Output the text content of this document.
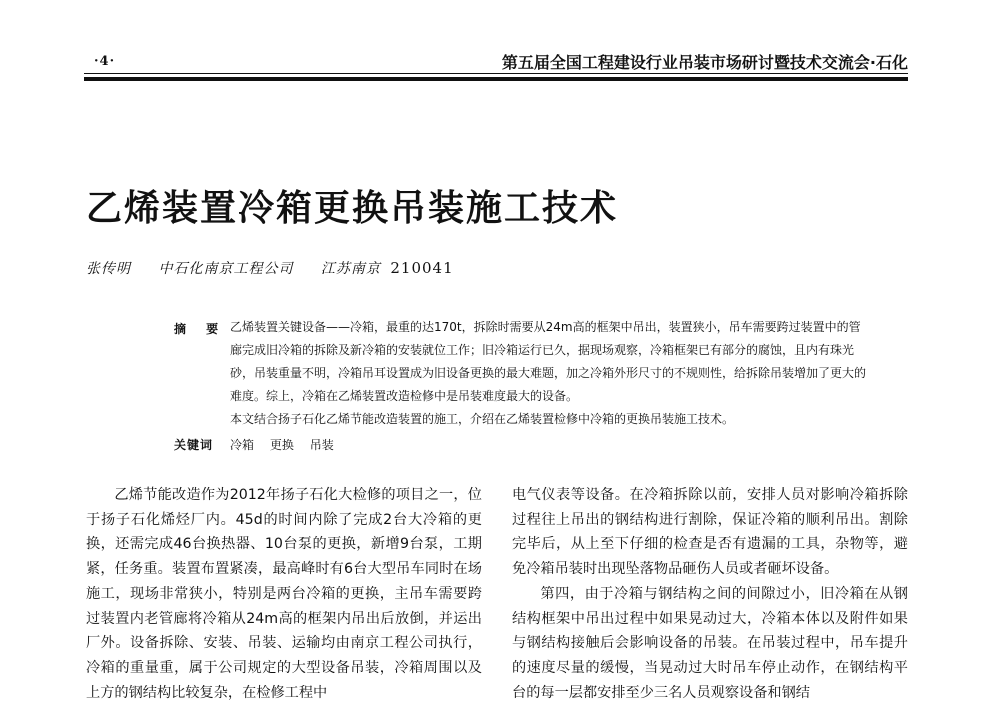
·4·	第五届全国工程建设行业吊装市场研讨暨技术交流会·石化
乙烯装置冷箱更换吊装施工技术
张传明 中石化南京工程公司 江苏南京 210041
摘 要 乙烯装置关键设备——冷箱，最重的达170t，拆除时需要从24m高的框架中吊出，装置狭小，吊车需要跨过装置中的管廊完成旧冷箱的拆除及新冷箱的安装就位工作；旧冷箱运行已久，据现场观察，冷箱框架已有部分的腐蚀，且内有珠光砂，吊装重量不明，冷箱吊耳设置成为旧设备更换的最大难题，加之冷箱外形尺寸的不规则性，给拆除吊装增加了更大的难度。综上，冷箱在乙烯装置改造检修中是吊装难度最大的设备。

本文结合扬子石化乙烯节能改造装置的施工，介绍在乙烯装置检修中冷箱的更换吊装施工技术。

关键词 冷箱 更换 吊装

乙烯节能改造作为2012年扬子石化大检修的项目之一，位于扬子石化烯烃厂内。45d的时间内除了完成2台大冷箱的更换，还需完成46台换热器、10台泵的更换，新增9台泵，工期紧，任务重。装置布置紧凑，最高峰时有6台大型吊车同时在场施工，现场非常狭小，特别是两台冷箱的更换，主吊车需要跨过装置内老管廊将冷箱从24m高的框架内吊出后放倒，并运出厂外。设备拆除、安装、吊装、运输均由南京工程公司执行，冷箱的重量重，属于公司规定的大型设备吊装，冷箱周围以及上方的钢结构比较复杂，在检修工程中

电气仪表等设备。在冷箱拆除以前，安排人员对影响冷箱拆除过程往上吊出的钢结构进行割除，保证冷箱的顺利吊出。割除完毕后，从上至下仔细的检查是否有遗漏的工具，杂物等，避免冷箱吊装时出现坠落物品砸伤人员或者砸坏设备。

第四，由于冷箱与钢结构之间的间隙过小，旧冷箱在从钢结构框架中吊出过程中如果晃动过大，冷箱本体以及附件如果与钢结构接触后会影响设备的吊装。在吊装过程中，吊车提升的速度尽量的缓慢，当晃动过大时吊车停止动作，在钢结构平台的每一层都安排至少三名人员观察设备和钢结
